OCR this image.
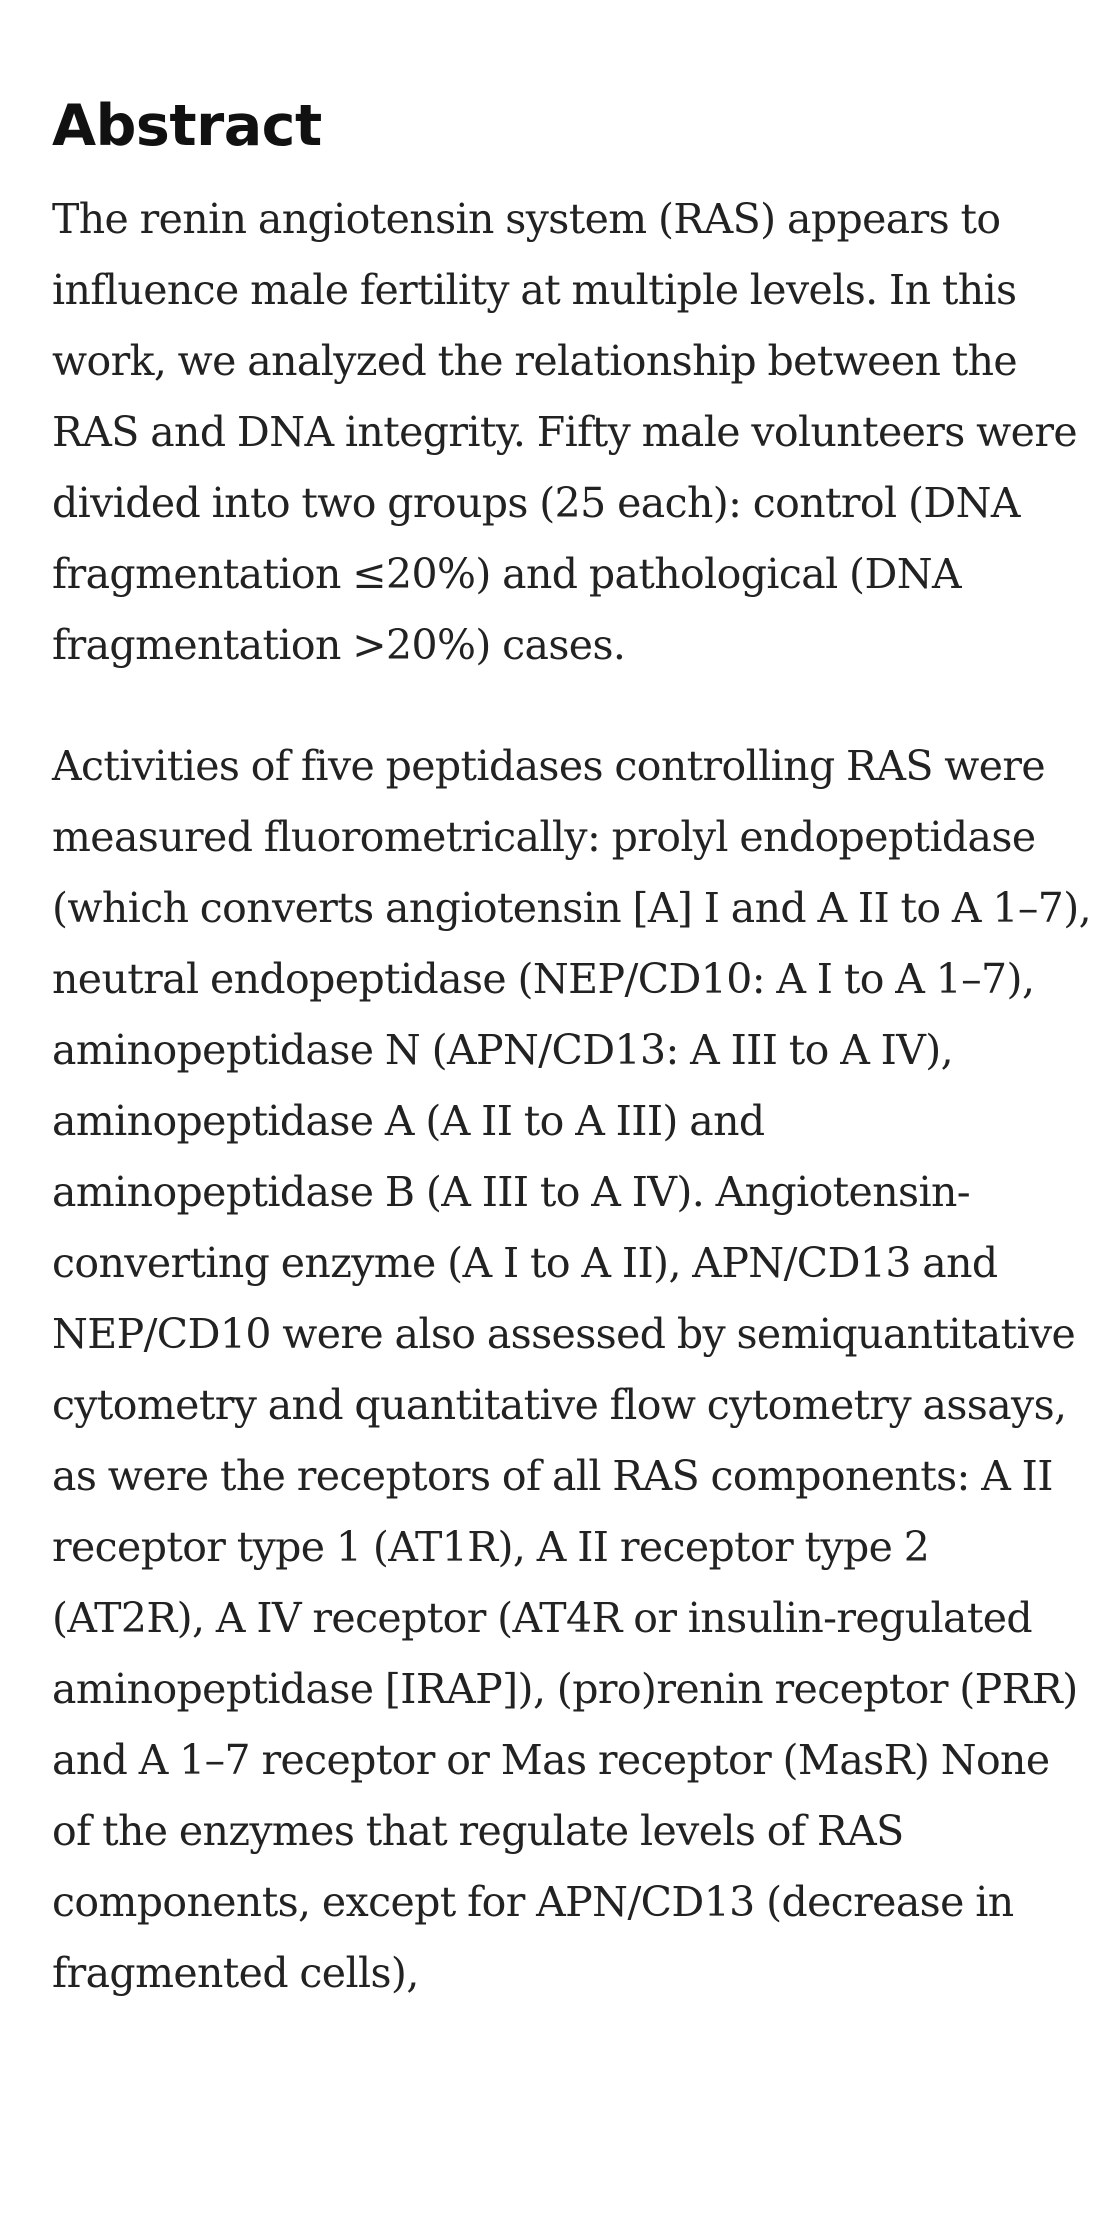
Abstract

The renin angiotensin system (RAS) appears to influence male fertility at multiple levels. In this work, we analyzed the relationship between the RAS and DNA integrity. Fifty male volunteers were divided into two groups (25 each): control (DNA fragmentation ≤20%) and pathological (DNA fragmentation >20%) cases.

Activities of five peptidases controlling RAS were measured fluorometrically: prolyl endopeptidase (which converts angiotensin [A] I and A II to A 1–7), neutral endopeptidase (NEP/CD10: A I to A 1–7), aminopeptidase N (APN/CD13: A III to A IV), aminopeptidase A (A II to A III) and aminopeptidase B (A III to A IV). Angiotensin-converting enzyme (A I to A II), APN/CD13 and NEP/CD10 were also assessed by semiquantitative cytometry and quantitative flow cytometry assays, as were the receptors of all RAS components: A II receptor type 1 (AT1R), A II receptor type 2 (AT2R), A IV receptor (AT4R or insulin-regulated aminopeptidase [IRAP]), (pro)renin receptor (PRR) and A 1–7 receptor or Mas receptor (MasR) None of the enzymes that regulate levels of RAS components, except for APN/CD13 (decrease in fragmented cells),
